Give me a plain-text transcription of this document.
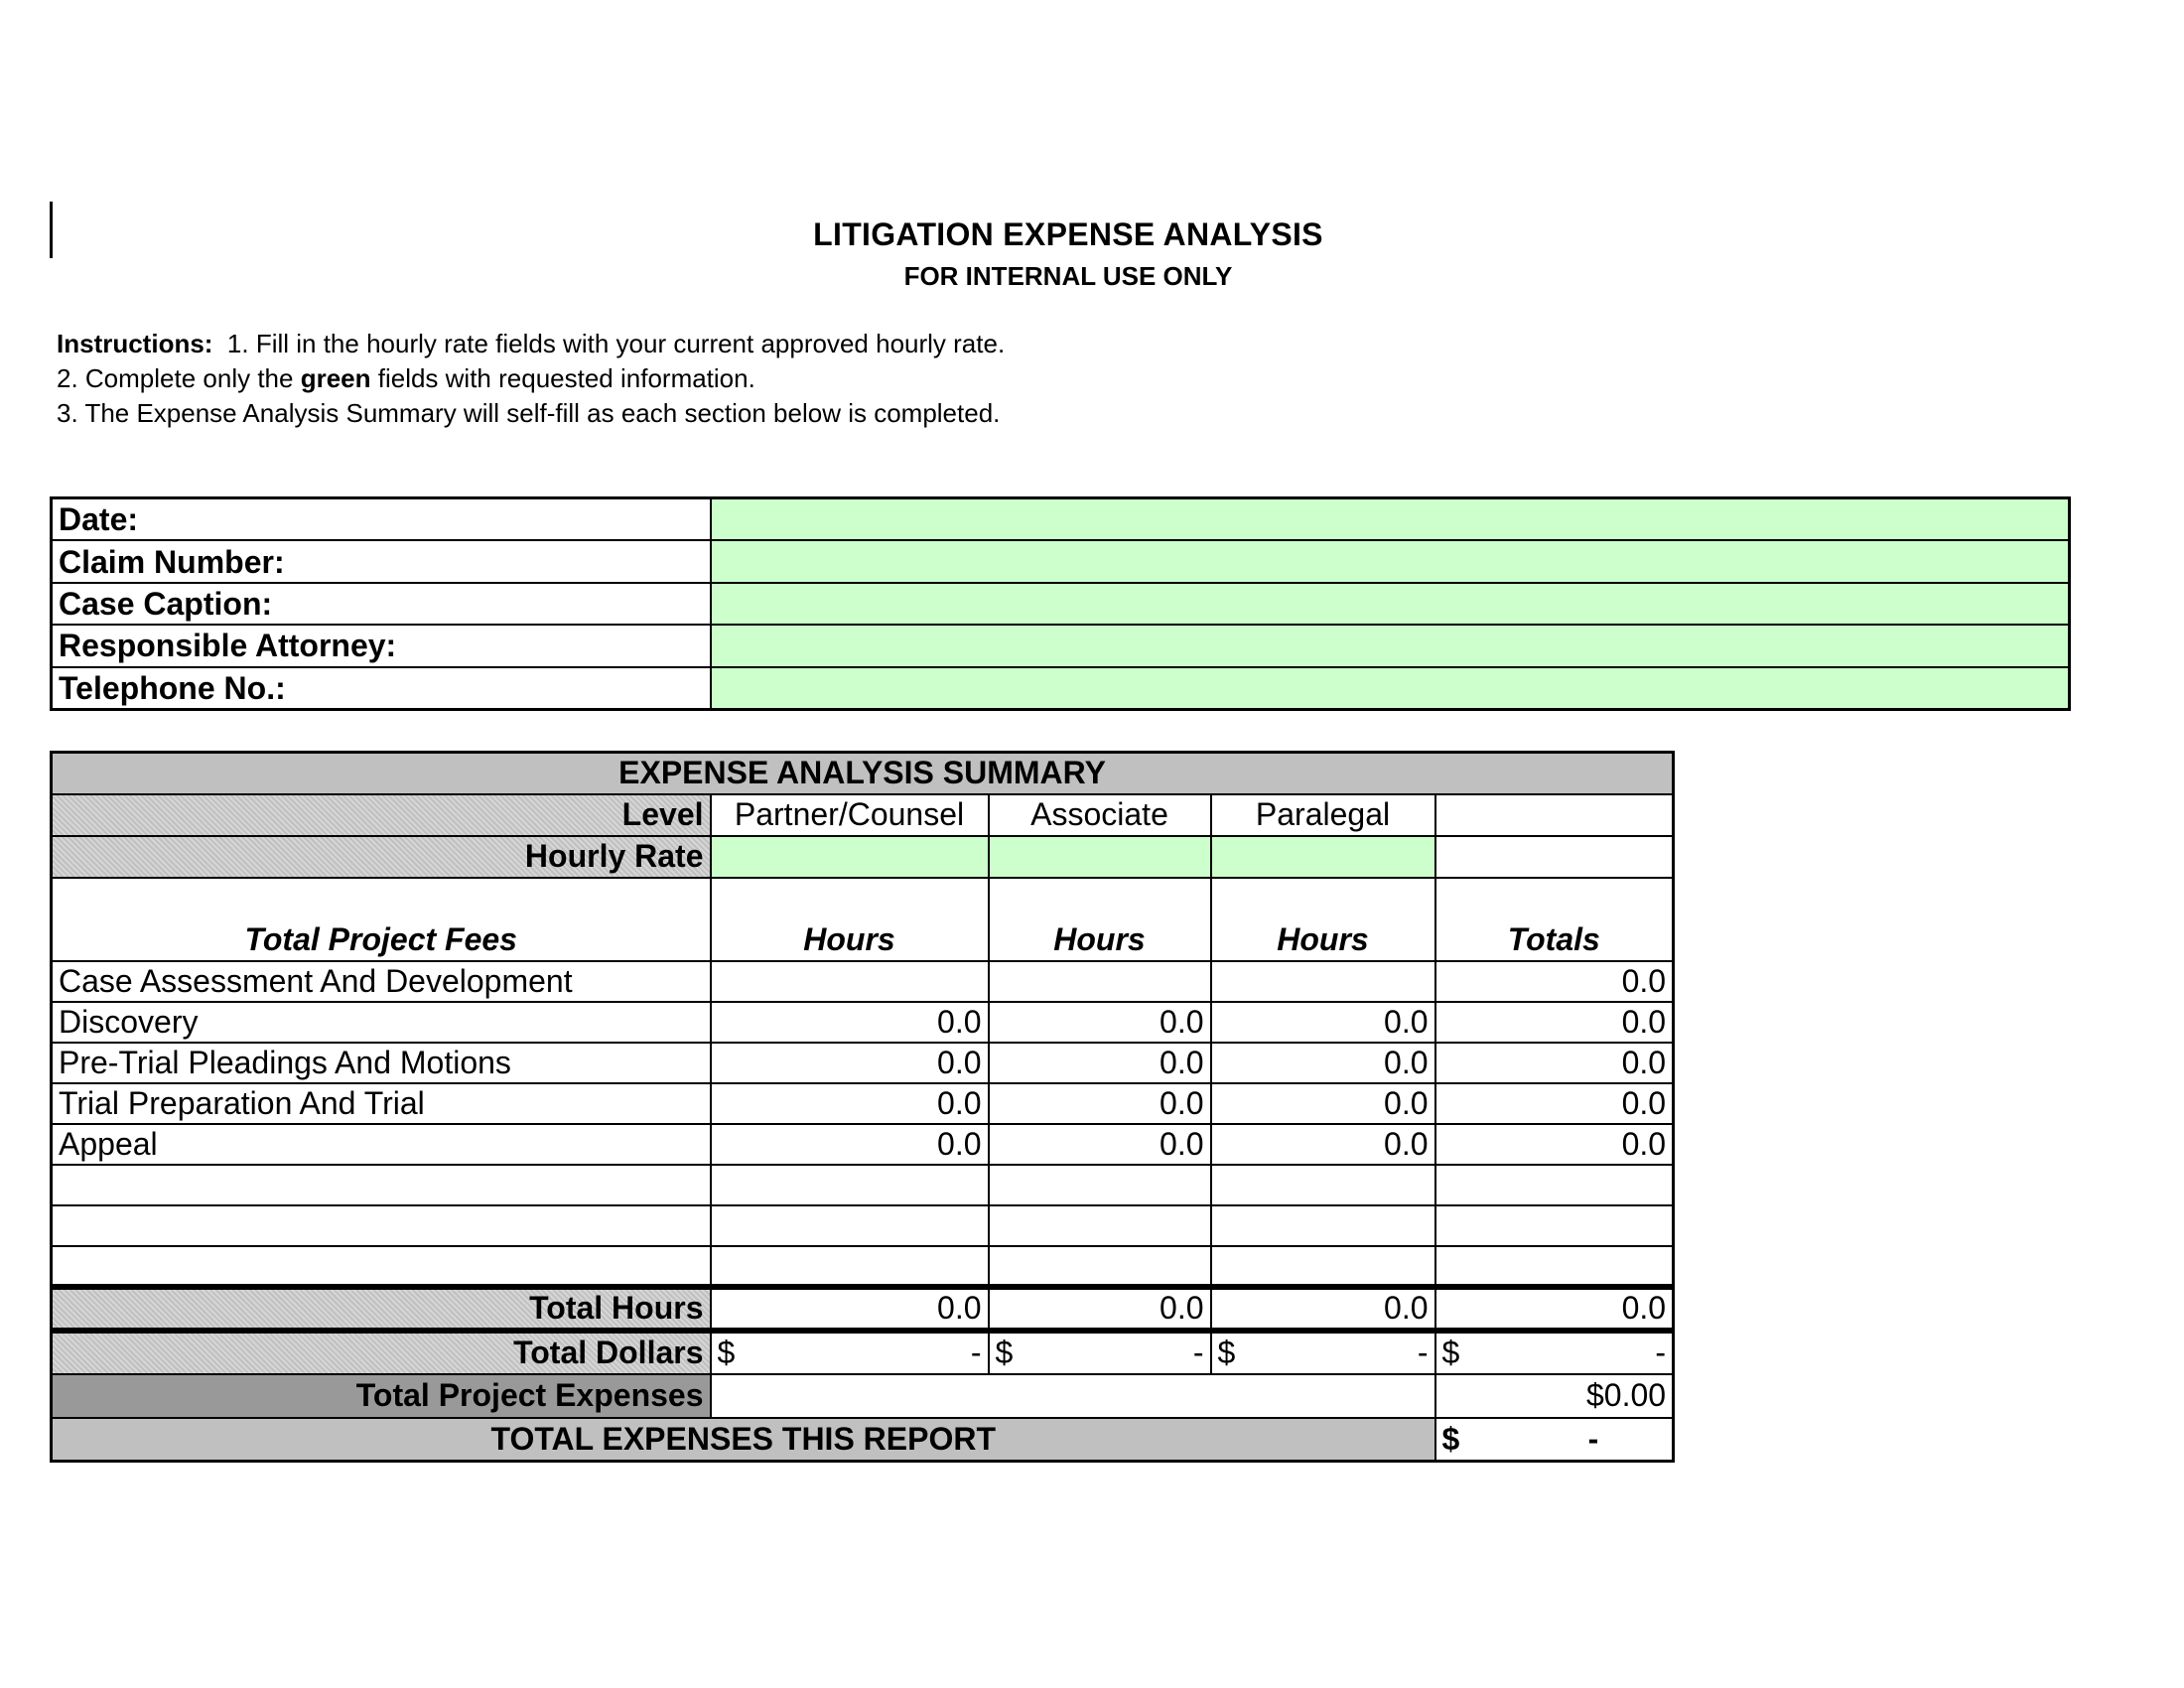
LITIGATION EXPENSE ANALYSIS
FOR INTERNAL USE ONLY
Instructions: 1. Fill in the hourly rate fields with your current approved hourly rate.
2. Complete only the green fields with requested information.
3. The Expense Analysis Summary will self-fill as each section below is completed.
Date:	
Claim Number:	
Case Caption:	
Responsible Attorney:	
Telephone No.:	
EXPENSE ANALYSIS SUMMARY				
Level	Partner/Counsel	Associate	Paralegal	
Hourly Rate				
Total Project Fees	Hours	Hours	Hours	Totals
Case Assessment And Development				0.0
Discovery	0.0	0.0	0.0	0.0
Pre-Trial Pleadings And Motions	0.0	0.0	0.0	0.0
Trial Preparation And Trial	0.0	0.0	0.0	0.0
Appeal	0.0	0.0	0.0	0.0

Total Hours	0.0	0.0	0.0	0.0
Total Dollars	$ -	$ -	$ -	$ -

Total Project Expenses				$0.00
TOTAL EXPENSES THIS REPORT				$ -
